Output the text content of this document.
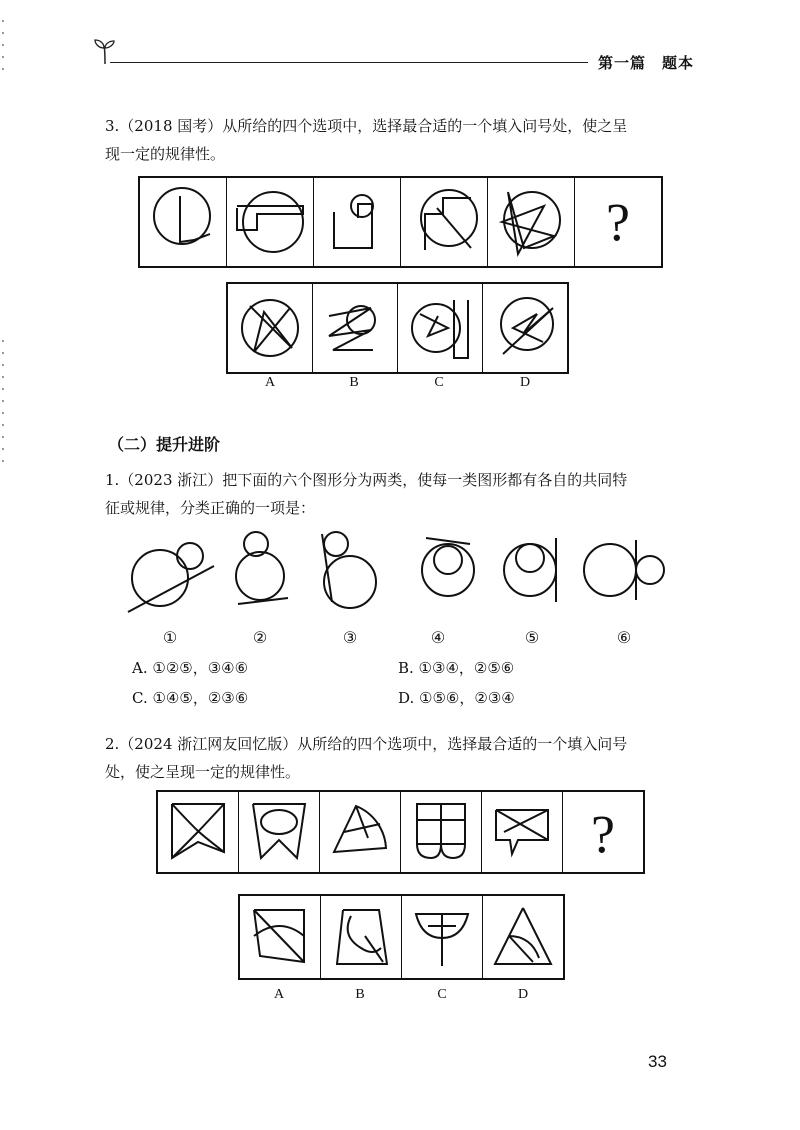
第一篇　题本
3.（2018 国考）从所给的四个选项中，选择最合适的一个填入问号处，使之呈
现一定的规律性。
?
A	B	C	D
（二）提升进阶
1.（2023 浙江）把下面的六个图形分为两类，使每一类图形都有各自的共同特
征或规律，分类正确的一项是：
①	②	③	④	⑤	⑥
A. ①②⑤，③④⑥	B. ①③④，②⑤⑥
C. ①④⑤，②③⑥	D. ①⑤⑥，②③④
2.（2024 浙江网友回忆版）从所给的四个选项中，选择最合适的一个填入问号
处，使之呈现一定的规律性。
?
A	B	C	D
33
